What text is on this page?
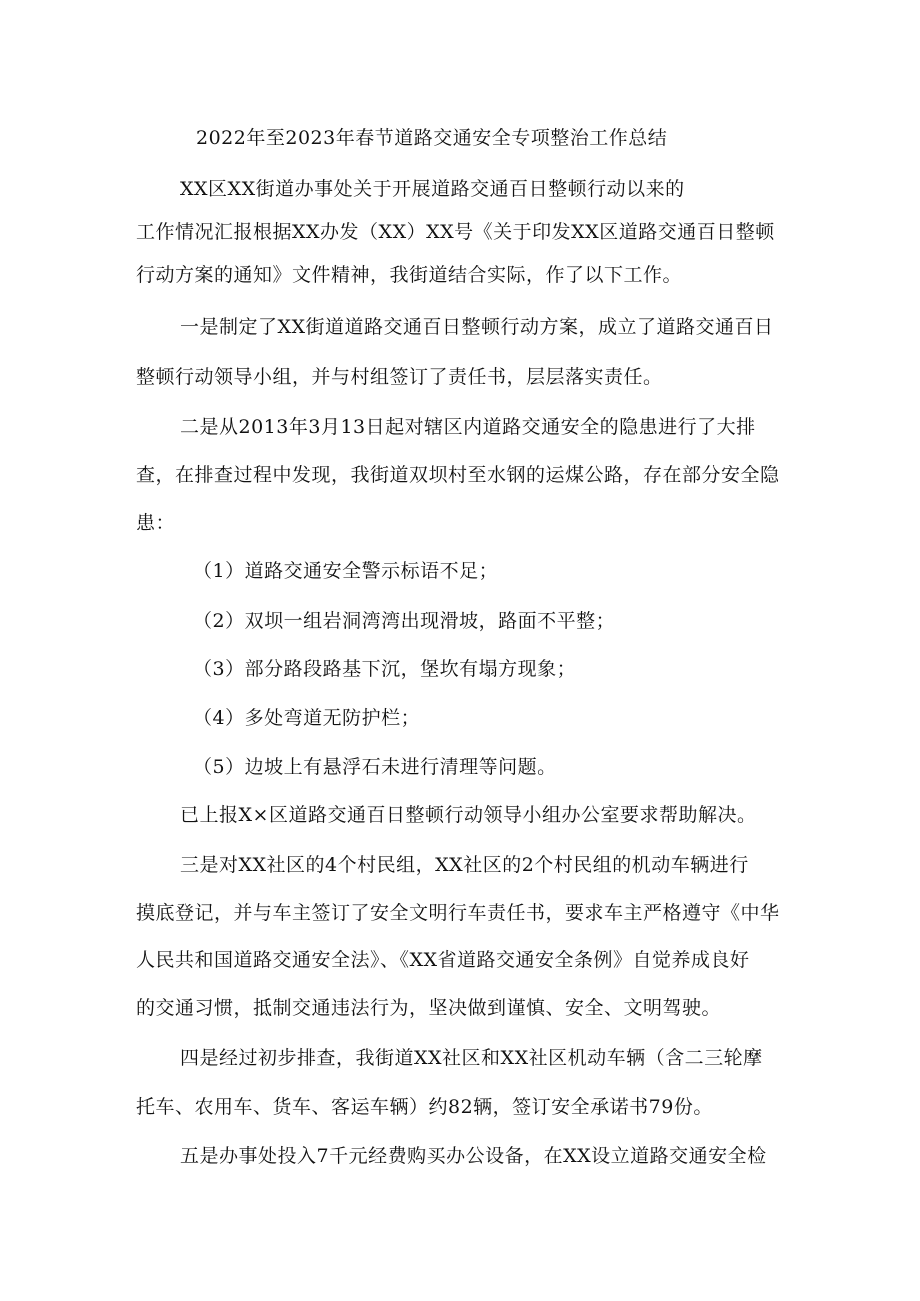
2022年至2023年春节道路交通安全专项整治工作总结
XX区XX街道办事处关于开展道路交通百日整顿行动以来的
工作情况汇报根据XX办发（XX）XX号《关于印发XX区道路交通百日整顿
行动方案的通知》文件精神，我街道结合实际，作了以下工作。
一是制定了XX街道道路交通百日整顿行动方案，成立了道路交通百日
整顿行动领导小组，并与村组签订了责任书，层层落实责任。
二是从2013年3月13日起对辖区内道路交通安全的隐患进行了大排
查，在排查过程中发现，我街道双坝村至水钢的运煤公路，存在部分安全隐
患：
（1）道路交通安全警示标语不足；
（2）双坝一组岩洞湾湾出现滑坡，路面不平整；
（3）部分路段路基下沉，堡坎有塌方现象；
（4）多处弯道无防护栏；
（5）边坡上有悬浮石未进行清理等问题。
已上报X×区道路交通百日整顿行动领导小组办公室要求帮助解决。
三是对XX社区的4个村民组，XX社区的2个村民组的机动车辆进行
摸底登记，并与车主签订了安全文明行车责任书，要求车主严格遵守《中华
人民共和国道路交通安全法》、《XX省道路交通安全条例》自觉养成良好
的交通习惯，抵制交通违法行为，坚决做到谨慎、安全、文明驾驶。
四是经过初步排查，我街道XX社区和XX社区机动车辆（含二三轮摩
托车、农用车、货车、客运车辆）约82辆，签订安全承诺书79份。
五是办事处投入7千元经费购买办公设备，在XX设立道路交通安全检
